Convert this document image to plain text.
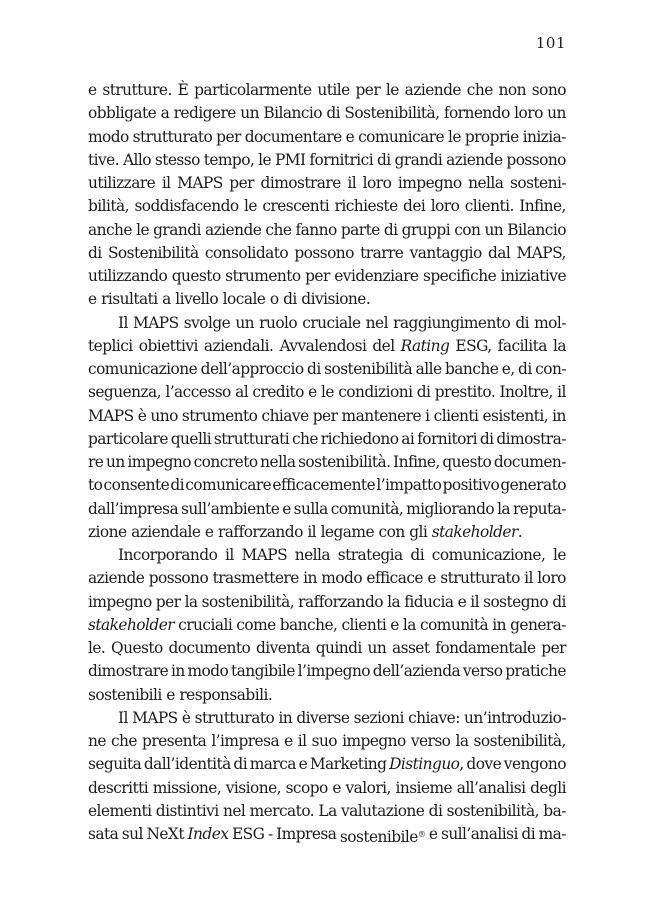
101
e strutture. È particolarmente utile per le aziende che non sono
obbligate a redigere un Bilancio di Sostenibilità, fornendo loro un
modo strutturato per documentare e comunicare le proprie inizia-
tive. Allo stesso tempo, le PMI fornitrici di grandi aziende possono
utilizzare il MAPS per dimostrare il loro impegno nella sosteni-
bilità, soddisfacendo le crescenti richieste dei loro clienti. Infine,
anche le grandi aziende che fanno parte di gruppi con un Bilancio
di Sostenibilità consolidato possono trarre vantaggio dal MAPS,
utilizzando questo strumento per evidenziare specifiche iniziative
e risultati a livello locale o di divisione.
Il MAPS svolge un ruolo cruciale nel raggiungimento di mol-
teplici obiettivi aziendali. Avvalendosi del Rating ESG, facilita la
comunicazione dell’approccio di sostenibilità alle banche e, di con-
seguenza, l’accesso al credito e le condizioni di prestito. Inoltre, il
MAPS è uno strumento chiave per mantenere i clienti esistenti, in
particolare quelli strutturati che richiedono ai fornitori di dimostra-
re un impegno concreto nella sostenibilità. Infine, questo documen-
to consente di comunicare efficacemente l’impatto positivo generato
dall’impresa sull’ambiente e sulla comunità, migliorando la reputa-
zione aziendale e rafforzando il legame con gli stakeholder.
Incorporando il MAPS nella strategia di comunicazione, le
aziende possono trasmettere in modo efficace e strutturato il loro
impegno per la sostenibilità, rafforzando la fiducia e il sostegno di
stakeholder cruciali come banche, clienti e la comunità in genera-
le. Questo documento diventa quindi un asset fondamentale per
dimostrare in modo tangibile l’impegno dell’azienda verso pratiche
sostenibili e responsabili.
Il MAPS è strutturato in diverse sezioni chiave: un’introduzio-
ne che presenta l’impresa e il suo impegno verso la sostenibilità,
seguita dall’identità di marca e Marketing Distinguo, dove vengono
descritti missione, visione, scopo e valori, insieme all’analisi degli
elementi distintivi nel mercato. La valutazione di sostenibilità, ba-
sata sul NeXt Index ESG - Impresa sostenibile® e sull’analisi di ma-
